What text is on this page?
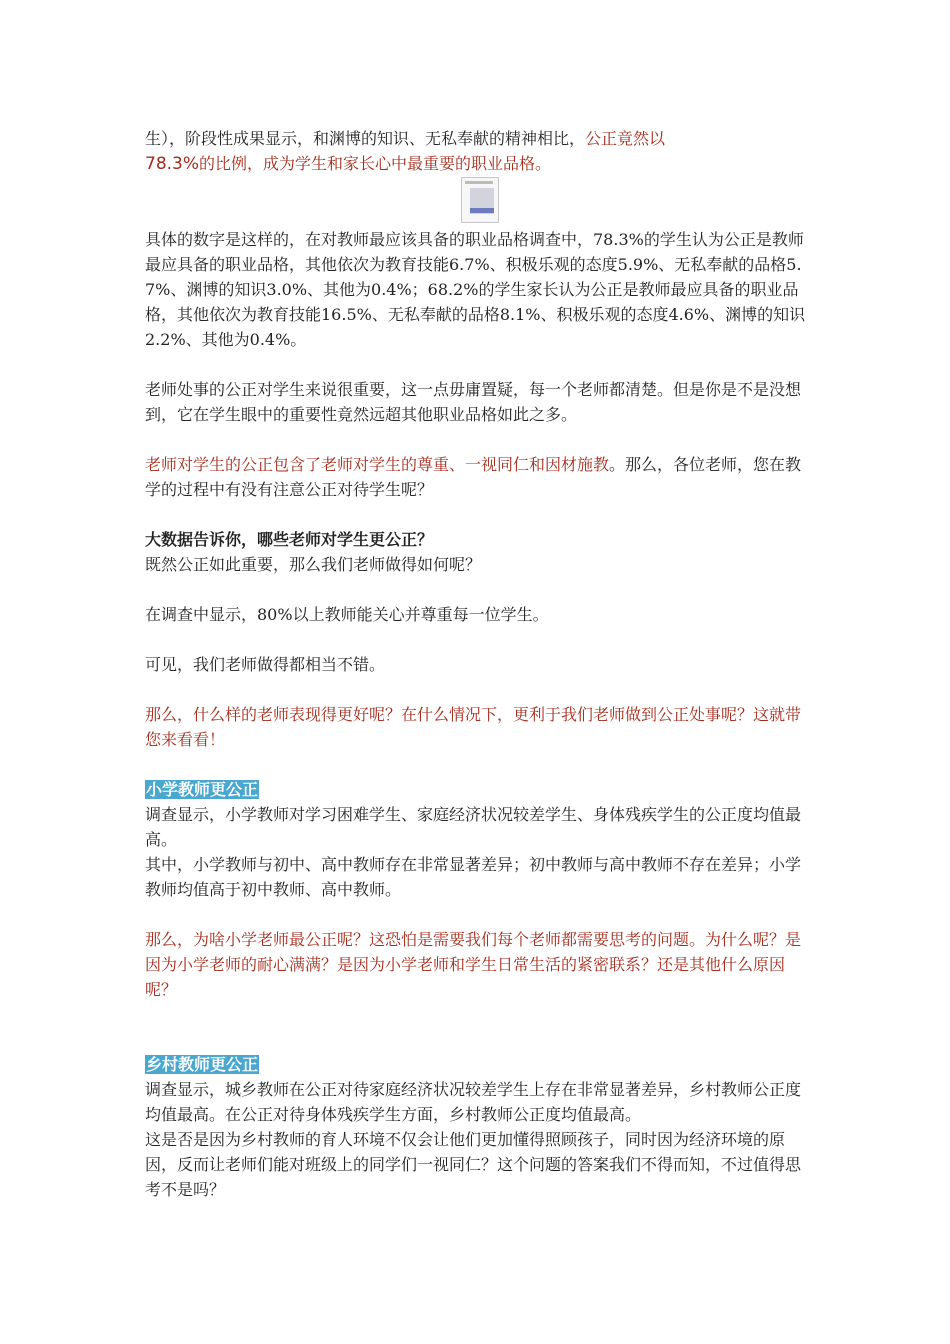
生），阶段性成果显示，和渊博的知识、无私奉献的精神相比，公正竟然以
78.3%的比例，成为学生和家长心中最重要的职业品格。

具体的数字是这样的，在对教师最应该具备的职业品格调查中，78.3%的学生认为公正是教师最应具备的职业品格，其他依次为教育技能6.7%、积极乐观的态度5.9%、无私奉献的品格5.7%、渊博的知识3.0%、其他为0.4%；68.2%的学生家长认为公正是教师最应具备的职业品格，其他依次为教育技能16.5%、无私奉献的品格8.1%、积极乐观的态度4.6%、渊博的知识2.2%、其他为0.4%。

老师处事的公正对学生来说很重要，这一点毋庸置疑，每一个老师都清楚。但是你是不是没想到，它在学生眼中的重要性竟然远超其他职业品格如此之多。

老师对学生的公正包含了老师对学生的尊重、一视同仁和因材施教。那么，各位老师，您在教学的过程中有没有注意公正对待学生呢？

大数据告诉你，哪些老师对学生更公正？

既然公正如此重要，那么我们老师做得如何呢？

在调查中显示，80%以上教师能关心并尊重每一位学生。

可见，我们老师做得都相当不错。

那么，什么样的老师表现得更好呢？在什么情况下，更利于我们老师做到公正处事呢？这就带您来看看！

小学教师更公正

调查显示，小学教师对学习困难学生、家庭经济状况较差学生、身体残疾学生的公正度均值最高。

其中，小学教师与初中、高中教师存在非常显著差异；初中教师与高中教师不存在差异；小学教师均值高于初中教师、高中教师。

那么，为啥小学老师最公正呢？这恐怕是需要我们每个老师都需要思考的问题。为什么呢？是因为小学老师的耐心满满？是因为小学老师和学生日常生活的紧密联系？还是其他什么原因呢？

乡村教师更公正

调查显示，城乡教师在公正对待家庭经济状况较差学生上存在非常显著差异，乡村教师公正度均值最高。在公正对待身体残疾学生方面，乡村教师公正度均值最高。

这是否是因为乡村教师的育人环境不仅会让他们更加懂得照顾孩子，同时因为经济环境的原因，反而让老师们能对班级上的同学们一视同仁？这个问题的答案我们不得而知，不过值得思考不是吗？
